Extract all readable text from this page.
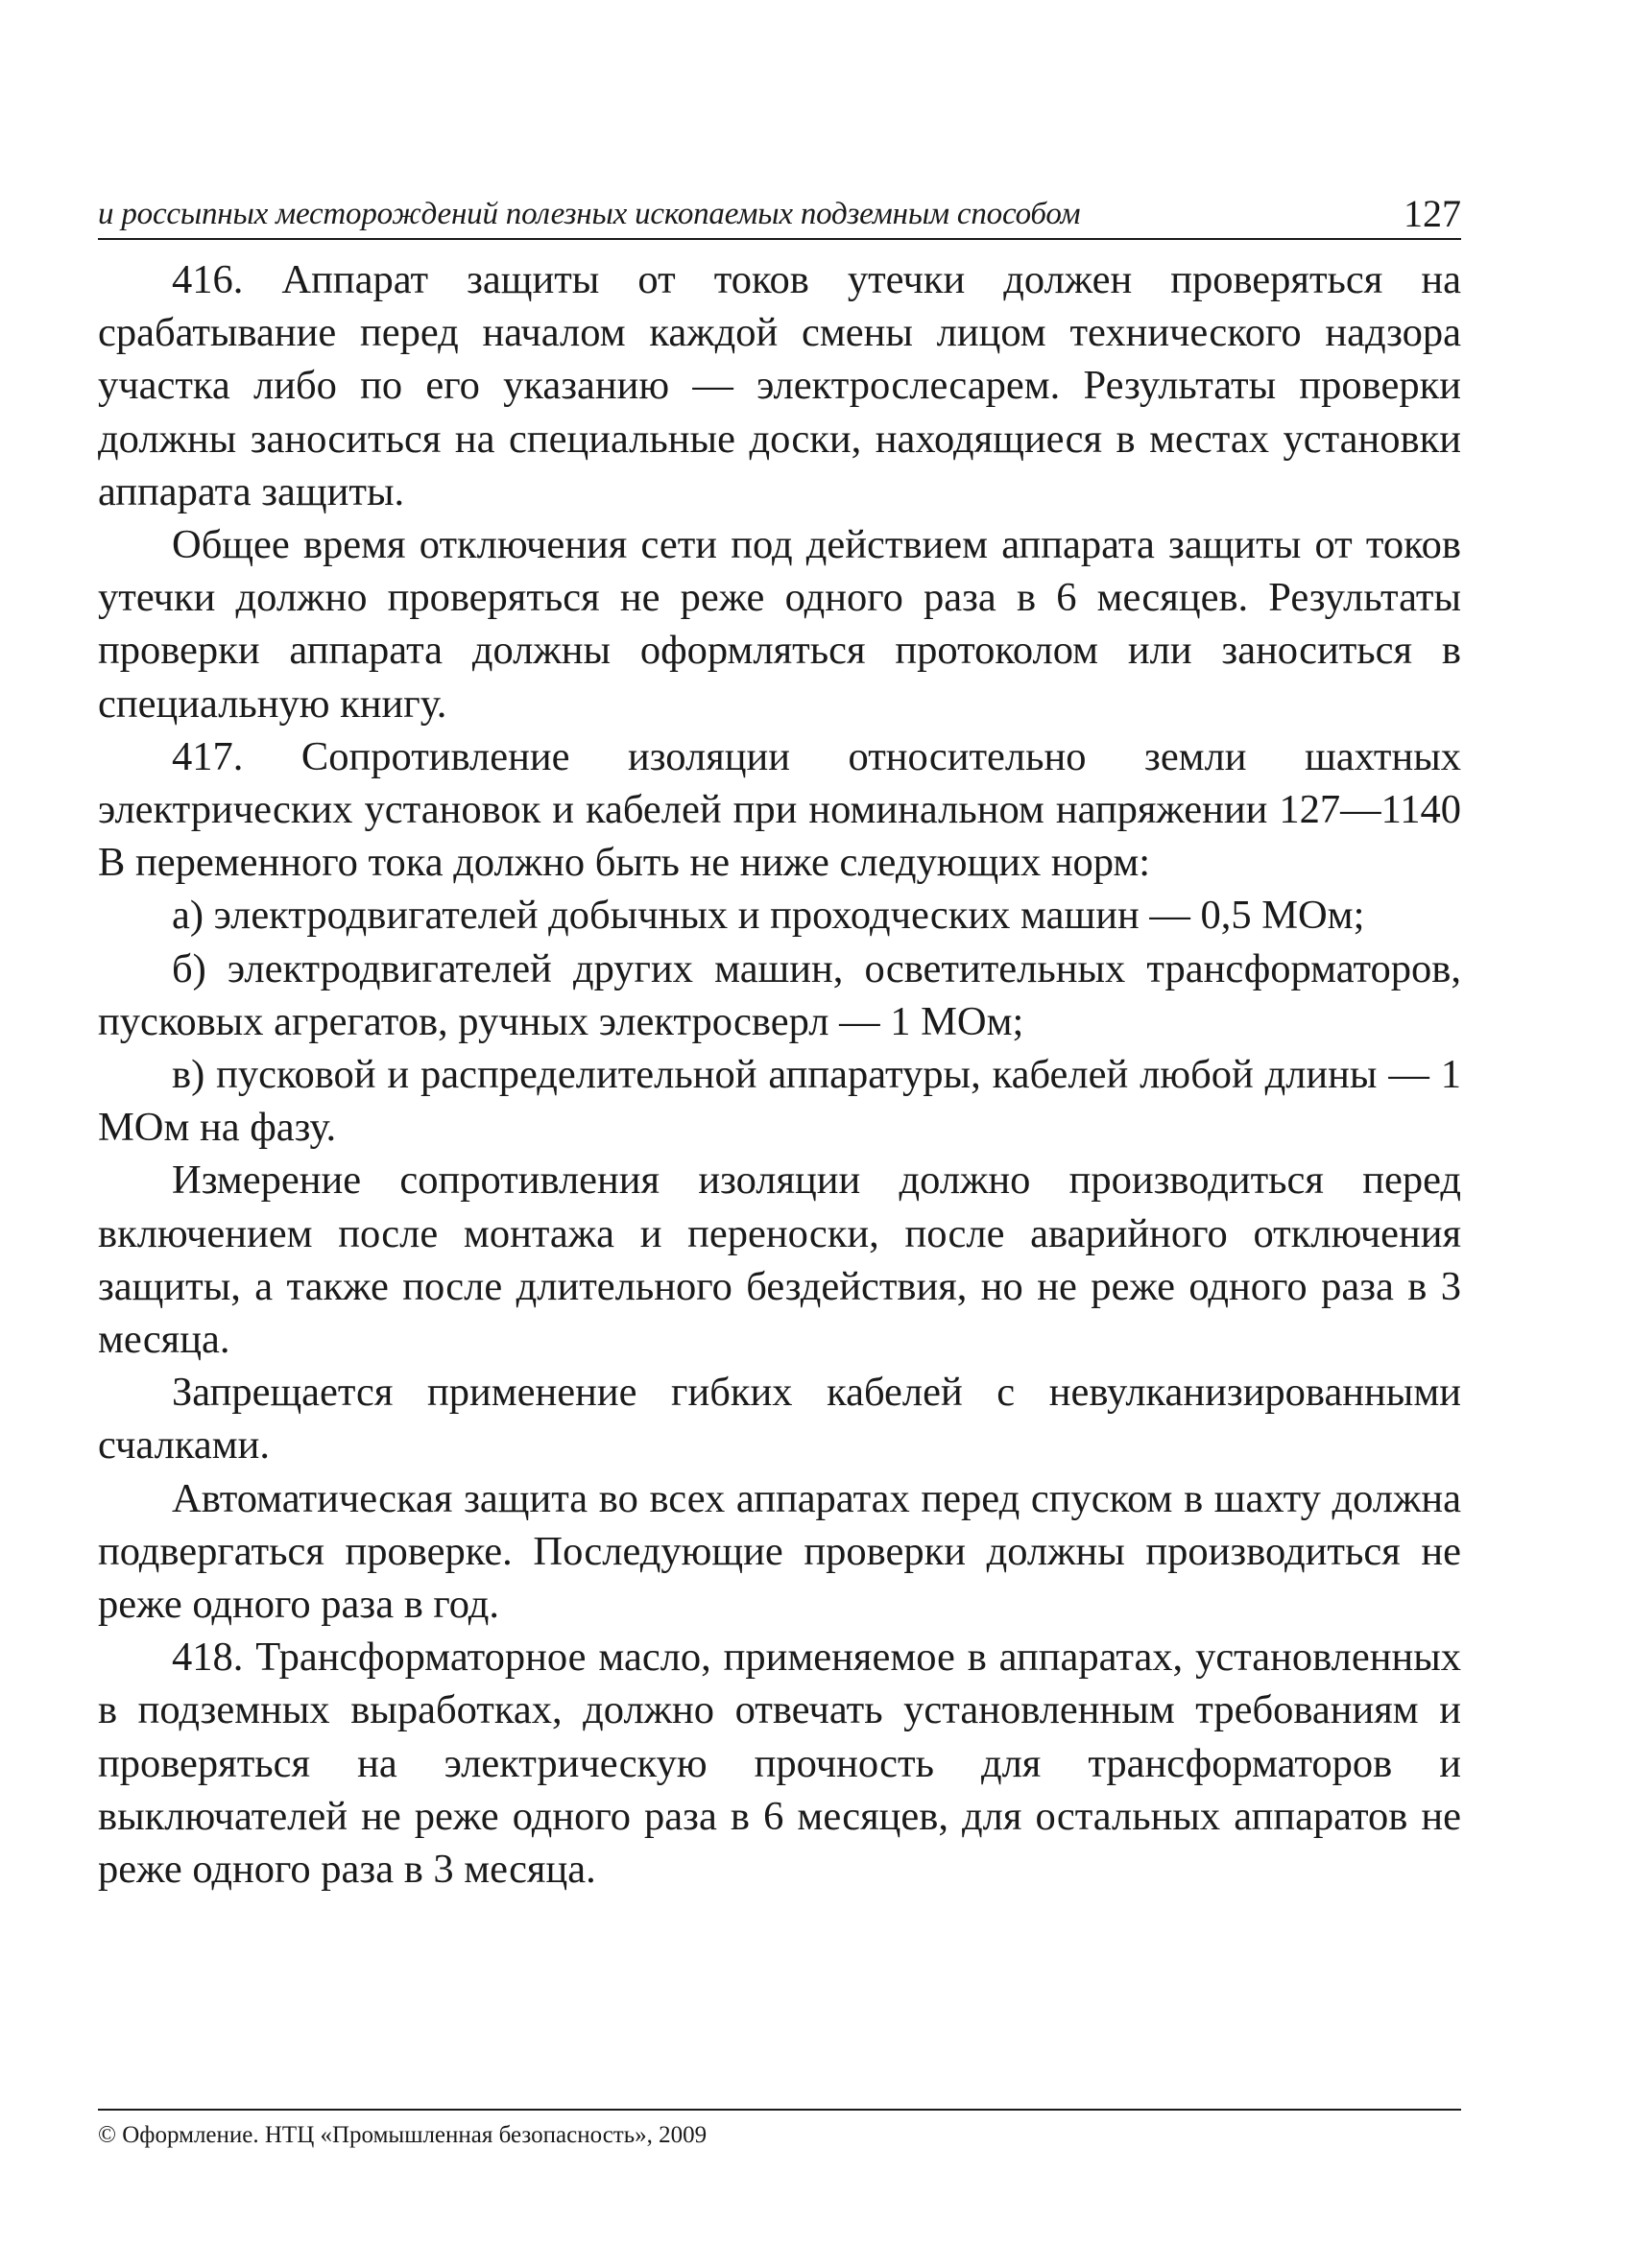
и россыпных месторождений полезных ископаемых подземным способом	127

416. Аппарат защиты от токов утечки должен проверяться на срабатывание перед началом каждой смены лицом технического надзора участка либо по его указанию — электрослесарем. Результаты проверки должны заноситься на специальные доски, находящиеся в местах установки аппарата защиты.

Общее время отключения сети под действием аппарата защиты от токов утечки должно проверяться не реже одного раза в 6 месяцев. Результаты проверки аппарата должны оформляться протоколом или заноситься в специальную книгу.

417. Сопротивление изоляции относительно земли шахтных электрических установок и кабелей при номинальном напряжении 127—1140 В переменного тока должно быть не ниже следующих норм:

а) электродвигателей добычных и проходческих машин — 0,5 МОм;

б) электродвигателей других машин, осветительных трансформаторов, пусковых агрегатов, ручных электросверл — 1 МОм;

в) пусковой и распределительной аппаратуры, кабелей любой длины — 1 МОм на фазу.

Измерение сопротивления изоляции должно производиться перед включением после монтажа и переноски, после аварийного отключения защиты, а также после длительного бездействия, но не реже одного раза в 3 месяца.

Запрещается применение гибких кабелей с невулканизированными счалками.

Автоматическая защита во всех аппаратах перед спуском в шахту должна подвергаться проверке. Последующие проверки должны производиться не реже одного раза в год.

418. Трансформаторное масло, применяемое в аппаратах, установленных в подземных выработках, должно отвечать установленным требованиям и проверяться на электрическую прочность для трансформаторов и выключателей не реже одного раза в 6 месяцев, для остальных аппаратов не реже одного раза в 3 месяца.

© Оформление. НТЦ «Промышленная безопасность», 2009
